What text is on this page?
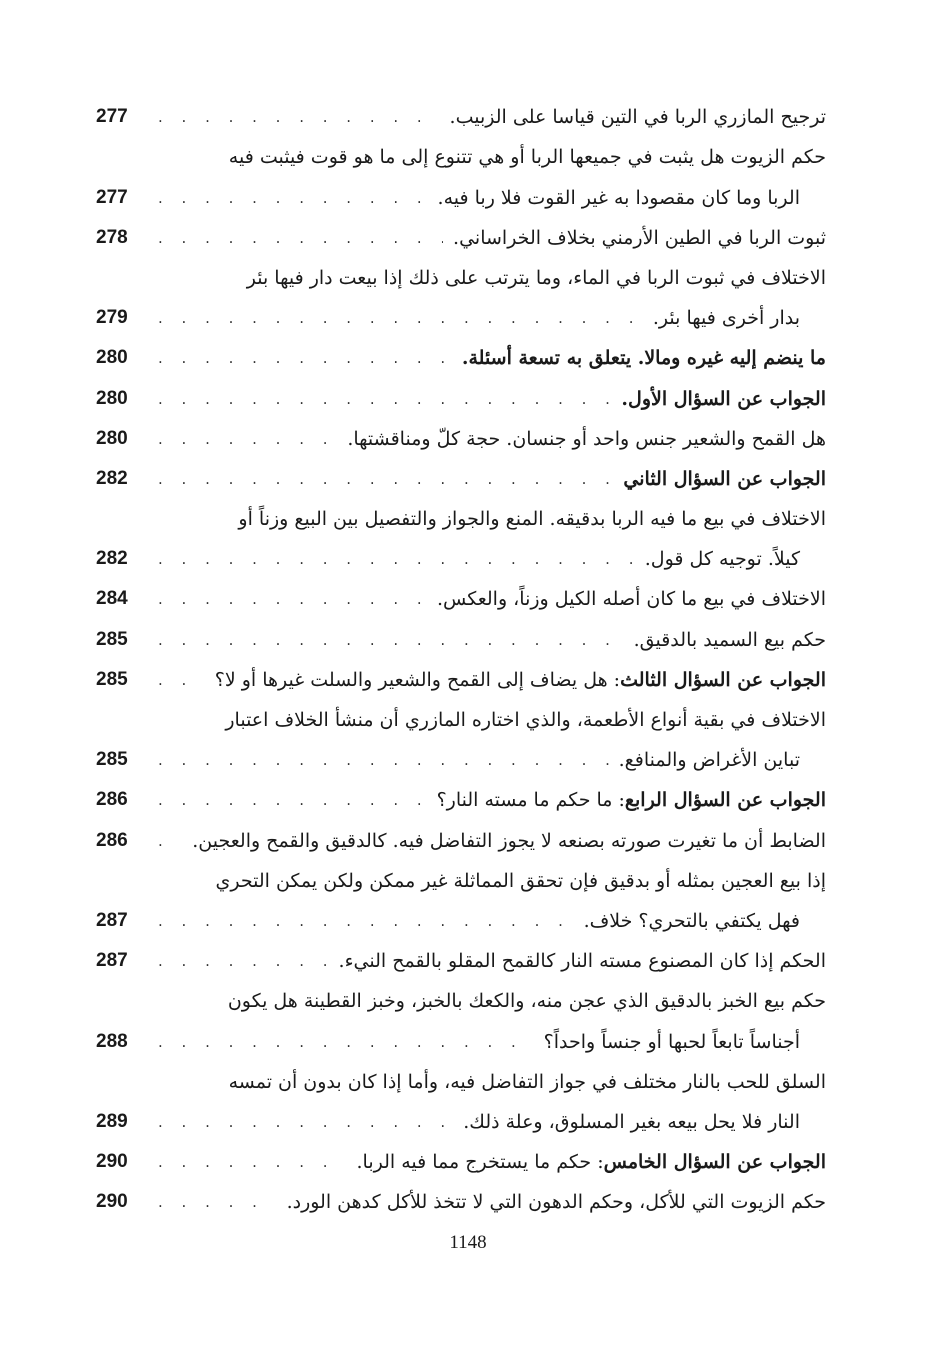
ترجيح المازري الربا في التين قياسا على الزبيب.
. . .
277
حكم الزيوت هل يثبت في جميعها الربا أو هي تتنوع إلى ما هو قوت فيثبت فيه
الربا وما كان مقصودا به غير القوت فلا ربا فيه.
. . .
277
ثبوت الربا في الطين الأرمني بخلاف الخراساني.
. . .
278
الاختلاف في ثبوت الربا في الماء، وما يترتب على ذلك إذا بيعت دار فيها بئر
بدار أخرى فيها بئر.
. . .
279
ما ينضم إليه غيره ومالا. يتعلق به تسعة أسئلة.
. . .
280
الجواب عن السؤال الأول.
. . .
280
هل القمح والشعير جنس واحد أو جنسان. حجة كلّ ومناقشتها.
. . .
280
الجواب عن السؤال الثاني
. . .
282
الاختلاف في بيع ما فيه الربا بدقيقه. المنع والجواز والتفصيل بين البيع وزناً أو
كيلاً. توجيه كل قول.
. . .
282
الاختلاف في بيع ما كان أصله الكيل وزناً، والعكس.
. . .
284
حكم بيع السميد بالدقيق.
. . .
285
الجواب عن السؤال الثالث: هل يضاف إلى القمح والشعير والسلت غيرها أو لا؟
. . .
285
الاختلاف في بقية أنواع الأطعمة، والذي اختاره المازري أن منشأ الخلاف اعتبار
تباين الأغراض والمنافع.
. . .
285
الجواب عن السؤال الرابع: ما حكم ما مسته النار؟
. . .
286
الضابط أن ما تغيرت صورته بصنعه لا يجوز التفاضل فيه. كالدقيق والقمح والعجين.
. . .
286
إذا بيع العجين بمثله أو بدقيق فإن تحقق المماثلة غير ممكن ولكن يمكن التحري
فهل يكتفي بالتحري؟ خلاف.
. . .
287
الحكم إذا كان المصنوع مسته النار كالقمح المقلو بالقمح النيء.
. . .
287
حكم بيع الخبز بالدقيق الذي عجن منه، والكعك بالخبز، وخبز القطينة هل يكون
أجناساً تابعاً لحبها أو جنساً واحداً؟
. . .
288
السلق للحب بالنار مختلف في جواز التفاضل فيه، وأما إذا كان بدون أن تمسه
النار فلا يحل بيعه بغير المسلوق، وعلة ذلك.
. . .
289
الجواب عن السؤال الخامس: حكم ما يستخرج مما فيه الربا.
. . .
290
حكم الزيوت التي للأكل، وحكم الدهون التي لا تتخذ للأكل كدهن الورد.
. . .
290
1148
